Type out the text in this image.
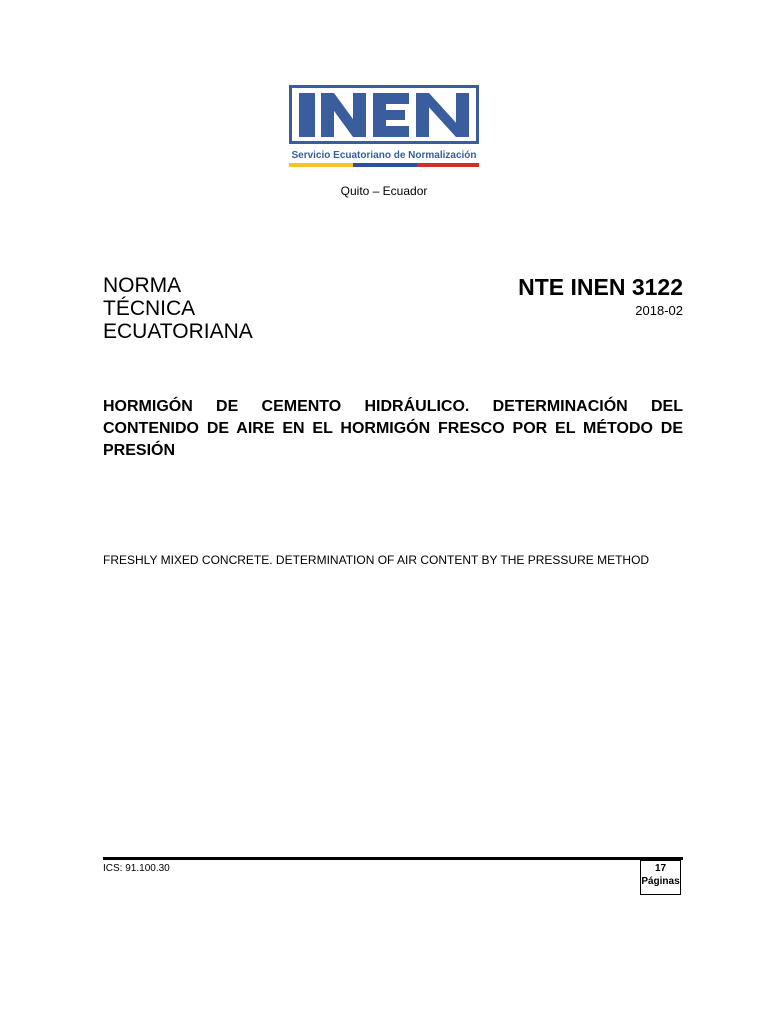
Servicio Ecuatoriano de Normalización
Quito – Ecuador
NORMA
TÉCNICA
ECUATORIANA
NTE INEN 3122
2018-02
HORMIGÓN DE CEMENTO HIDRÁULICO. DETERMINACIÓN DEL CONTENIDO DE AIRE EN EL HORMIGÓN FRESCO POR EL MÉTODO DE PRESIÓN
FRESHLY MIXED CONCRETE. DETERMINATION OF AIR CONTENT BY THE PRESSURE METHOD
ICS: 91.100.30	17
Páginas
